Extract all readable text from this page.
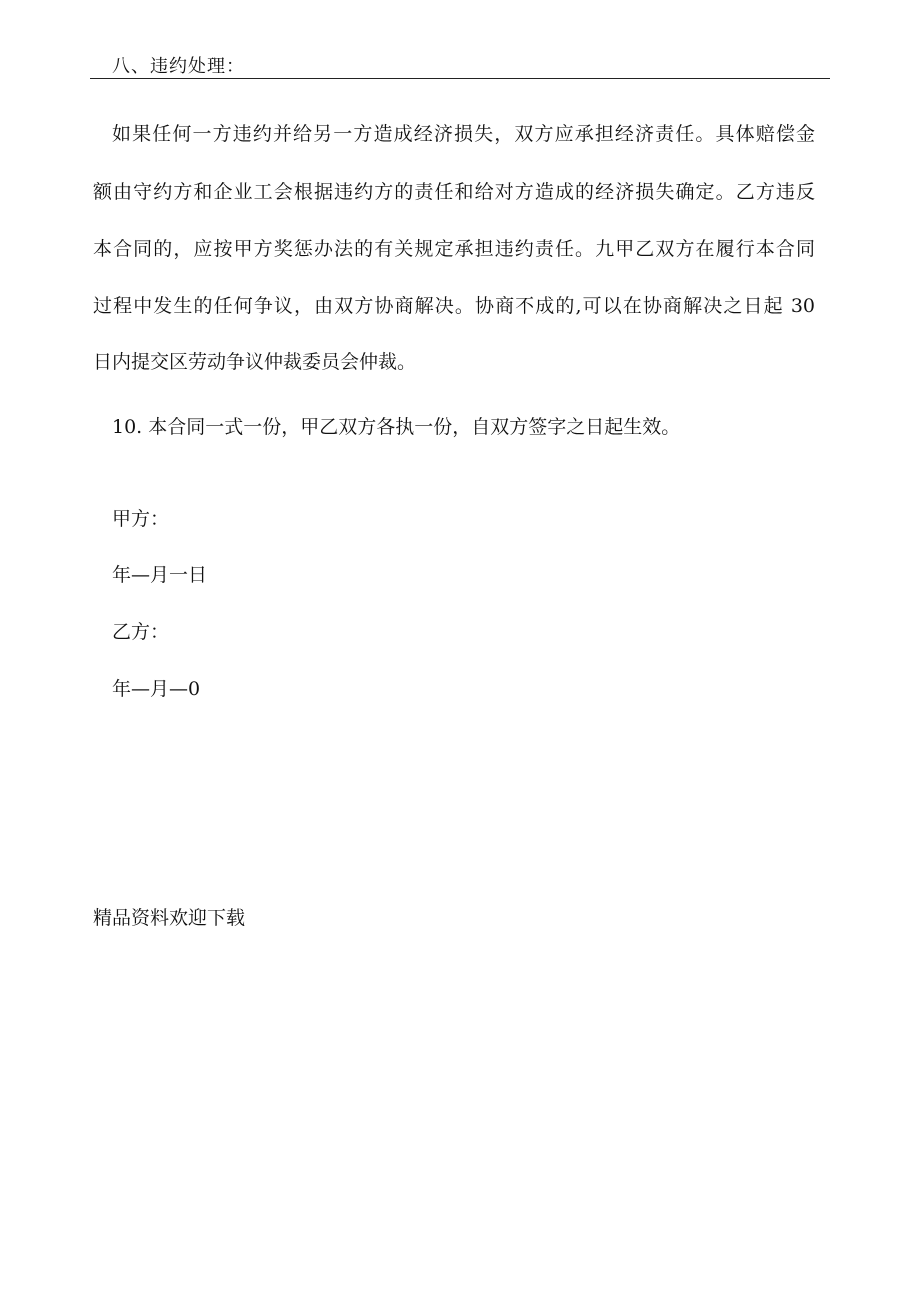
八、违约处理：
如果任何一方违约并给另一方造成经济损失，双方应承担经济责任。具体赔偿金
额由守约方和企业工会根据违约方的责任和给对方造成的经济损失确定。乙方违反
本合同的，应按甲方奖惩办法的有关规定承担违约责任。九甲乙双方在履行本合同
过程中发生的任何争议，由双方协商解决。协商不成的,可以在协商解决之日起 30
日内提交区劳动争议仲裁委员会仲裁。
10. 本合同一式一份，甲乙双方各执一份，自双方签字之日起生效。
甲方：
年—月一日
乙方：
年—月—0
精品资料欢迎下载
